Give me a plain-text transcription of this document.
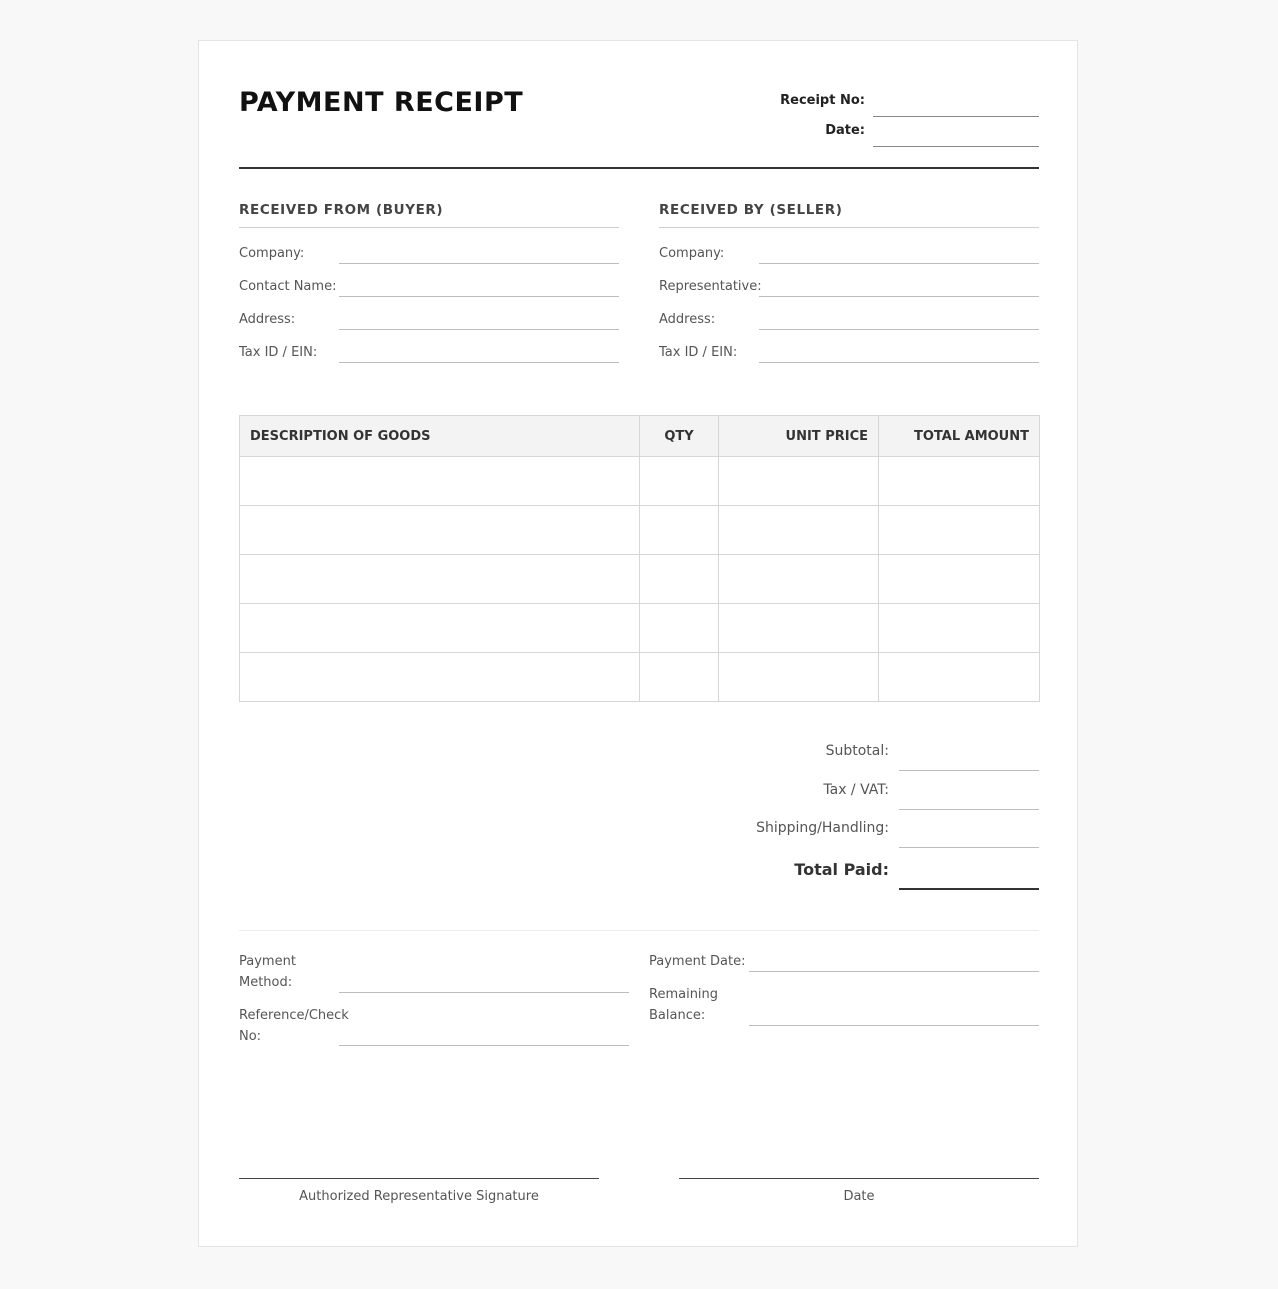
PAYMENT RECEIPT	Receipt No:
Date:
RECEIVED FROM (BUYER)
Company:
Contact Name:
Address:
Tax ID / EIN:
RECEIVED BY (SELLER)
Company:
Representative:
Address:
Tax ID / EIN:
DESCRIPTION OF GOODS	QTY	UNIT PRICE	TOTAL AMOUNT

Subtotal:
Tax / VAT:
Shipping/Handling:
Total Paid:
Payment Method:
Reference/Check No:
Payment Date:
Remaining Balance:
Authorized Representative Signature	Date
